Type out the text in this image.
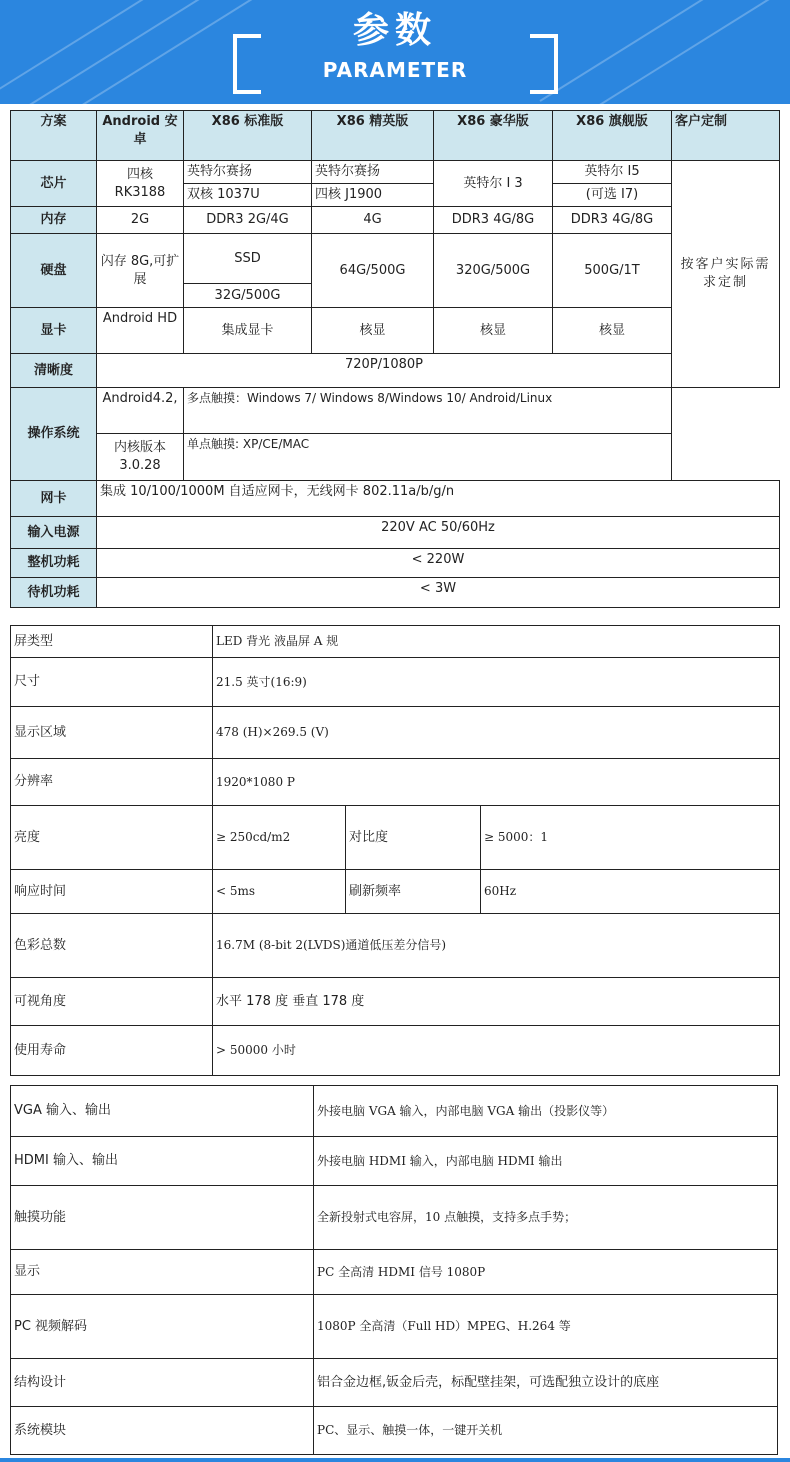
参数
PARAMETER
方案	Android 安卓	X86 标准版	X86 精英版	X86 豪华版	X86 旗舰版	客户定制
芯片	四核 RK3188	英特尔赛扬	英特尔赛扬	英特尔 I 3	英特尔 I5	按客户实际需求定制
		双核 1037U	四核 J1900		(可选 I7)	
内存	2G	DDR3 2G/4G	4G	DDR3 4G/8G	DDR3 4G/8G	
硬盘	闪存 8G,可扩展	SSD	64G/500G	320G/500G	500G/1T	
		32G/500G				
显卡	Android HD	集成显卡	核显	核显	核显	
清晰度	720P/1080P					
操作系统	Android4.2,	多点触摸：Windows 7/ Windows 8/Windows 10/ Android/Linux				
	内核版本 3.0.28	单点触摸: XP/CE/MAC				
网卡	集成 10/100/1000M 自适应网卡，无线网卡 802.11a/b/g/n					
输入电源	220V AC 50/60Hz					
整机功耗	< 220W					
待机功耗	< 3W					
屏类型	LED 背光 液晶屏 A 规		
尺寸	21.5 英寸(16:9)		
显示区域	478 (H)×269.5 (V)		
分辨率	1920*1080 P		
亮度	≥ 250cd/m2	对比度	≥ 5000：1
响应时间	< 5ms	刷新频率	60Hz
色彩总数	16.7M (8-bit 2(LVDS)通道低压差分信号)		
可视角度	水平 178 度 垂直 178 度		
使用寿命	> 50000 小时		
VGA 输入、输出	外接电脑 VGA 输入，内部电脑 VGA 输出（投影仪等）
HDMI 输入、输出	外接电脑 HDMI 输入，内部电脑 HDMI 输出
触摸功能	全新投射式电容屏，10 点触摸，支持多点手势；
显示	PC 全高清 HDMI 信号 1080P
PC 视频解码	1080P 全高清（Full HD）MPEG、H.264 等
结构设计	铝合金边框,钣金后壳，标配壁挂架，可选配独立设计的底座
系统模块	PC、显示、触摸一体，一键开关机
